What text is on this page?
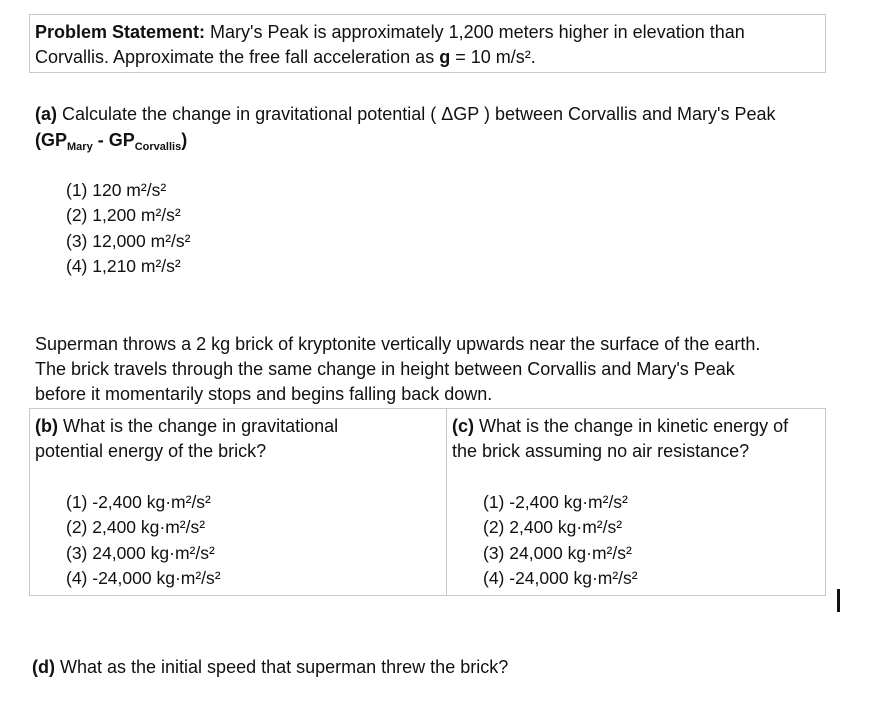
Problem Statement: Mary's Peak is approximately 1,200 meters higher in elevation than
Corvallis. Approximate the free fall acceleration as g = 10 m/s².
(a) Calculate the change in gravitational potential ( ΔGP ) between Corvallis and Mary's Peak
$(GP_{Mary} - GP_{Corvallis})$
(1) 120 m²/s²
(2) 1,200 m²/s²
(3) 12,000 m²/s²
(4) 1,210 m²/s²
Superman throws a 2 kg brick of kryptonite vertically upwards near the surface of the earth.
The brick travels through the same change in height between Corvallis and Mary's Peak
before it momentarily stops and begins falling back down.
(b) What is the change in gravitational
potential energy of the brick?
(1) -2,400 kg·m²/s²
(2) 2,400 kg·m²/s²
(3) 24,000 kg·m²/s²
(4) -24,000 kg·m²/s²
(c) What is the change in kinetic energy of
the brick assuming no air resistance?
(1) -2,400 kg·m²/s²
(2) 2,400 kg·m²/s²
(3) 24,000 kg·m²/s²
(4) -24,000 kg·m²/s²
(d) What as the initial speed that superman threw the brick?
